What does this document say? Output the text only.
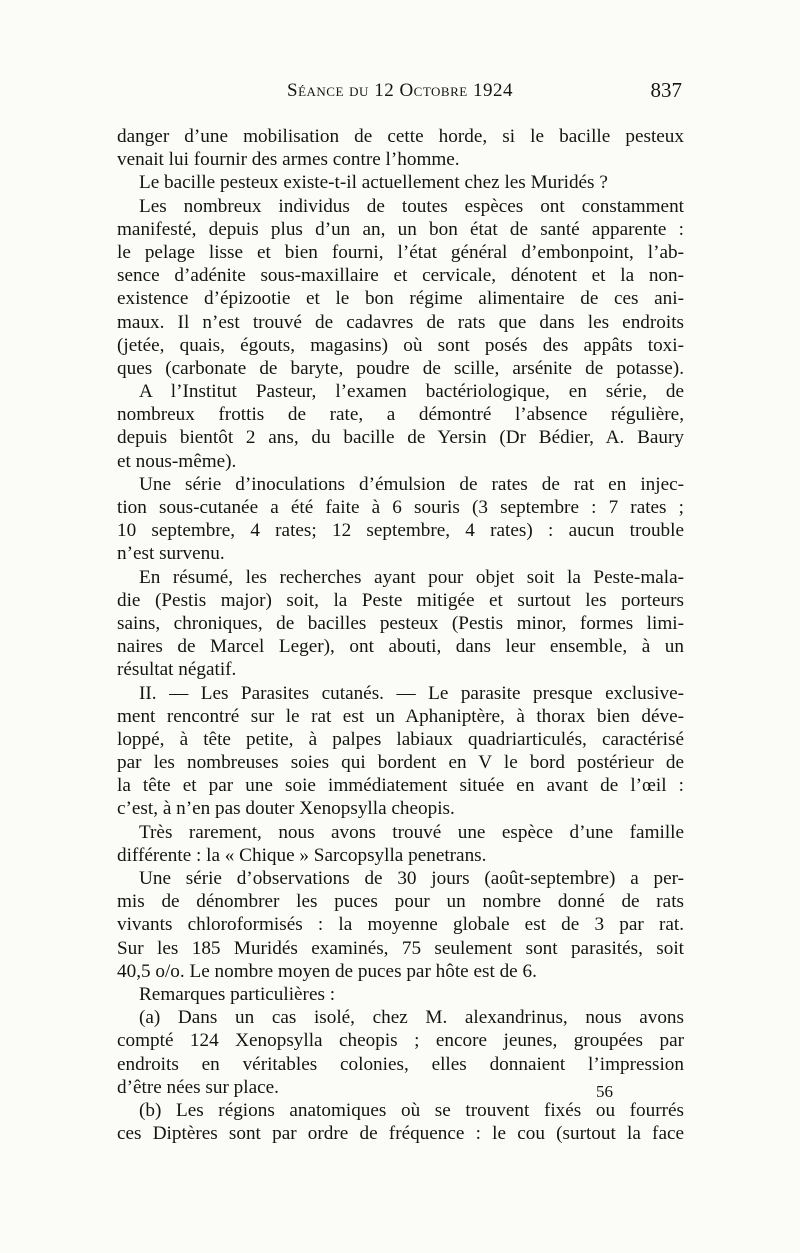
Séance du 12 Octobre 1924	837
danger d’une mobilisation de cette horde, si le bacille pesteux
venait lui fournir des armes contre l’homme.
Le bacille pesteux existe-t-il actuellement chez les Muridés ?
Les nombreux individus de toutes espèces ont constamment
manifesté, depuis plus d’un an, un bon état de santé apparente :
le pelage lisse et bien fourni, l’état général d’embonpoint, l’ab-
sence d’adénite sous-maxillaire et cervicale, dénotent et la non-
existence d’épizootie et le bon régime alimentaire de ces ani-
maux. Il n’est trouvé de cadavres de rats que dans les endroits
(jetée, quais, égouts, magasins) où sont posés des appâts toxi-
ques (carbonate de baryte, poudre de scille, arsénite de potasse).
A l’Institut Pasteur, l’examen bactériologique, en série, de
nombreux frottis de rate, a démontré l’absence régulière,
depuis bientôt 2 ans, du bacille de Yersin (Dr Bédier, A. Baury
et nous-même).
Une série d’inoculations d’émulsion de rates de rat en injec-
tion sous-cutanée a été faite à 6 souris (3 septembre : 7 rates ;
10 septembre, 4 rates; 12 septembre, 4 rates) : aucun trouble
n’est survenu.
En résumé, les recherches ayant pour objet soit la Peste-mala-
die (Pestis major) soit, la Peste mitigée et surtout les porteurs
sains, chroniques, de bacilles pesteux (Pestis minor, formes limi-
naires de Marcel Leger), ont abouti, dans leur ensemble, à un
résultat négatif.
II. — Les Parasites cutanés. — Le parasite presque exclusive-
ment rencontré sur le rat est un Aphaniptère, à thorax bien déve-
loppé, à tête petite, à palpes labiaux quadriarticulés, caractérisé
par les nombreuses soies qui bordent en V le bord postérieur de
la tête et par une soie immédiatement située en avant de l’œil :
c’est, à n’en pas douter Xenopsylla cheopis.
Très rarement, nous avons trouvé une espèce d’une famille
différente : la « Chique » Sarcopsylla penetrans.
Une série d’observations de 30 jours (août-septembre) a per-
mis de dénombrer les puces pour un nombre donné de rats
vivants chloroformisés : la moyenne globale est de 3 par rat.
Sur les 185 Muridés examinés, 75 seulement sont parasités, soit
40,5 o/o. Le nombre moyen de puces par hôte est de 6.
Remarques particulières :
(a) Dans un cas isolé, chez M. alexandrinus, nous avons
compté 124 Xenopsylla cheopis ; encore jeunes, groupées par
endroits en véritables colonies, elles donnaient l’impression
d’être nées sur place.
(b) Les régions anatomiques où se trouvent fixés ou fourrés
ces Diptères sont par ordre de fréquence : le cou (surtout la face
56
